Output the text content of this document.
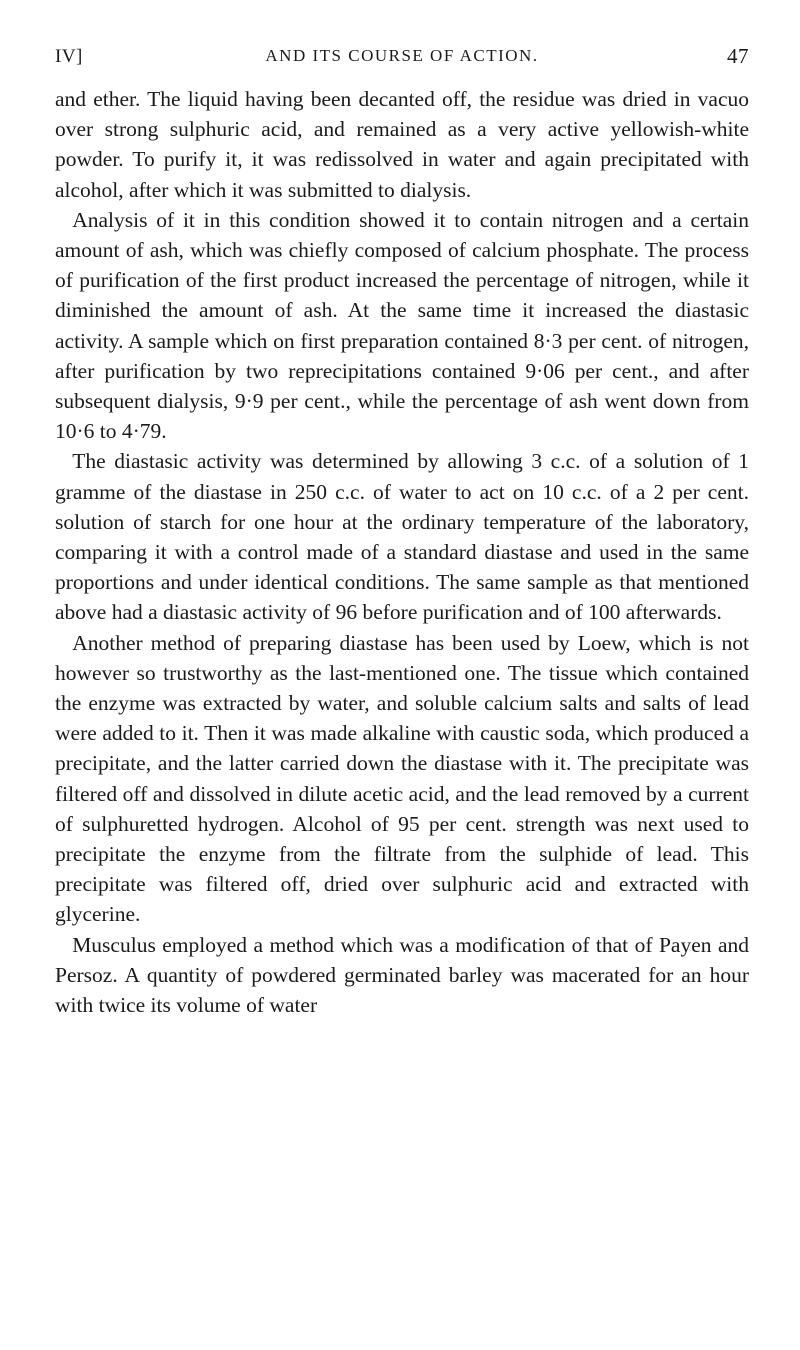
IV]	AND ITS COURSE OF ACTION.	47

and ether. The liquid having been decanted off, the residue was dried in vacuo over strong sulphuric acid, and remained as a very active yellowish-white powder. To purify it, it was redissolved in water and again precipitated with alcohol, after which it was submitted to dialysis.

Analysis of it in this condition showed it to contain nitrogen and a certain amount of ash, which was chiefly composed of calcium phosphate. The process of purification of the first product increased the percentage of nitrogen, while it diminished the amount of ash. At the same time it increased the diastasic activity. A sample which on first preparation contained 8·3 per cent. of nitrogen, after purification by two reprecipitations contained 9·06 per cent., and after subsequent dialysis, 9·9 per cent., while the percentage of ash went down from 10·6 to 4·79.

The diastasic activity was determined by allowing 3 c.c. of a solution of 1 gramme of the diastase in 250 c.c. of water to act on 10 c.c. of a 2 per cent. solution of starch for one hour at the ordinary temperature of the laboratory, comparing it with a control made of a standard diastase and used in the same proportions and under identical conditions. The same sample as that mentioned above had a diastasic activity of 96 before purification and of 100 afterwards.

Another method of preparing diastase has been used by Loew, which is not however so trustworthy as the last-mentioned one. The tissue which contained the enzyme was extracted by water, and soluble calcium salts and salts of lead were added to it. Then it was made alkaline with caustic soda, which produced a precipitate, and the latter carried down the diastase with it. The precipitate was filtered off and dissolved in dilute acetic acid, and the lead removed by a current of sulphuretted hydrogen. Alcohol of 95 per cent. strength was next used to precipitate the enzyme from the filtrate from the sulphide of lead. This precipitate was filtered off, dried over sulphuric acid and extracted with glycerine.

Musculus employed a method which was a modification of that of Payen and Persoz. A quantity of powdered germinated barley was macerated for an hour with twice its volume of water
